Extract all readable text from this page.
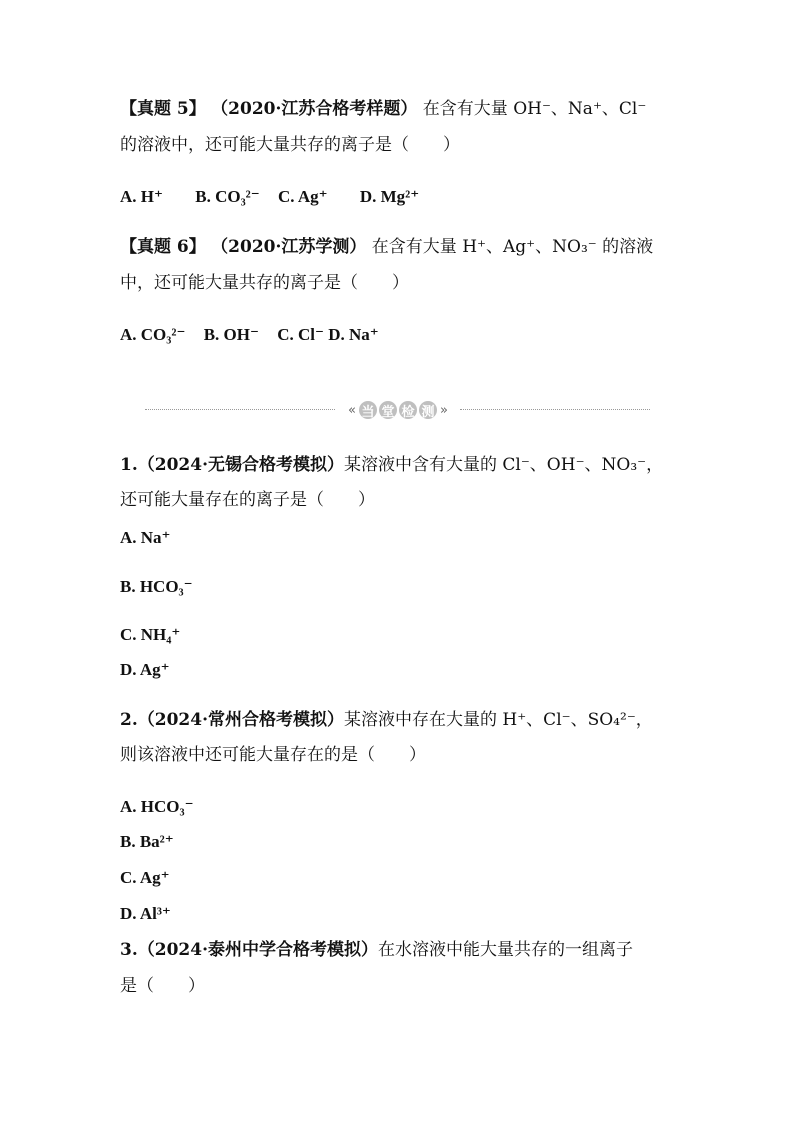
【真题 5】 （2020·江苏合格考样题） 在含有大量 OH⁻、Na⁺、Cl⁻
的溶液中，还可能大量共存的离子是（　　）
A. H⁺ B. CO₃²⁻ C. Ag⁺ D. Mg²⁺
【真题 6】 （2020·江苏学测） 在含有大量 H⁺、Ag⁺、NO₃⁻ 的溶液
中，还可能大量共存的离子是（　　）
A. CO₃²⁻ B. OH⁻ C. Cl⁻ D. Na⁺
« 当 堂 检 测 »
1.（2024·无锡合格考模拟）某溶液中含有大量的 Cl⁻、OH⁻、NO₃⁻，
还可能大量存在的离子是（　　）
A. Na⁺
B. HCO₃⁻
C. NH₄⁺
D. Ag⁺
2.（2024·常州合格考模拟）某溶液中存在大量的 H⁺、Cl⁻、SO₄²⁻，
则该溶液中还可能大量存在的是（　　）
A. HCO₃⁻
B. Ba²⁺
C. Ag⁺
D. Al³⁺
3.（2024·泰州中学合格考模拟）在水溶液中能大量共存的一组离子
是（　　）
